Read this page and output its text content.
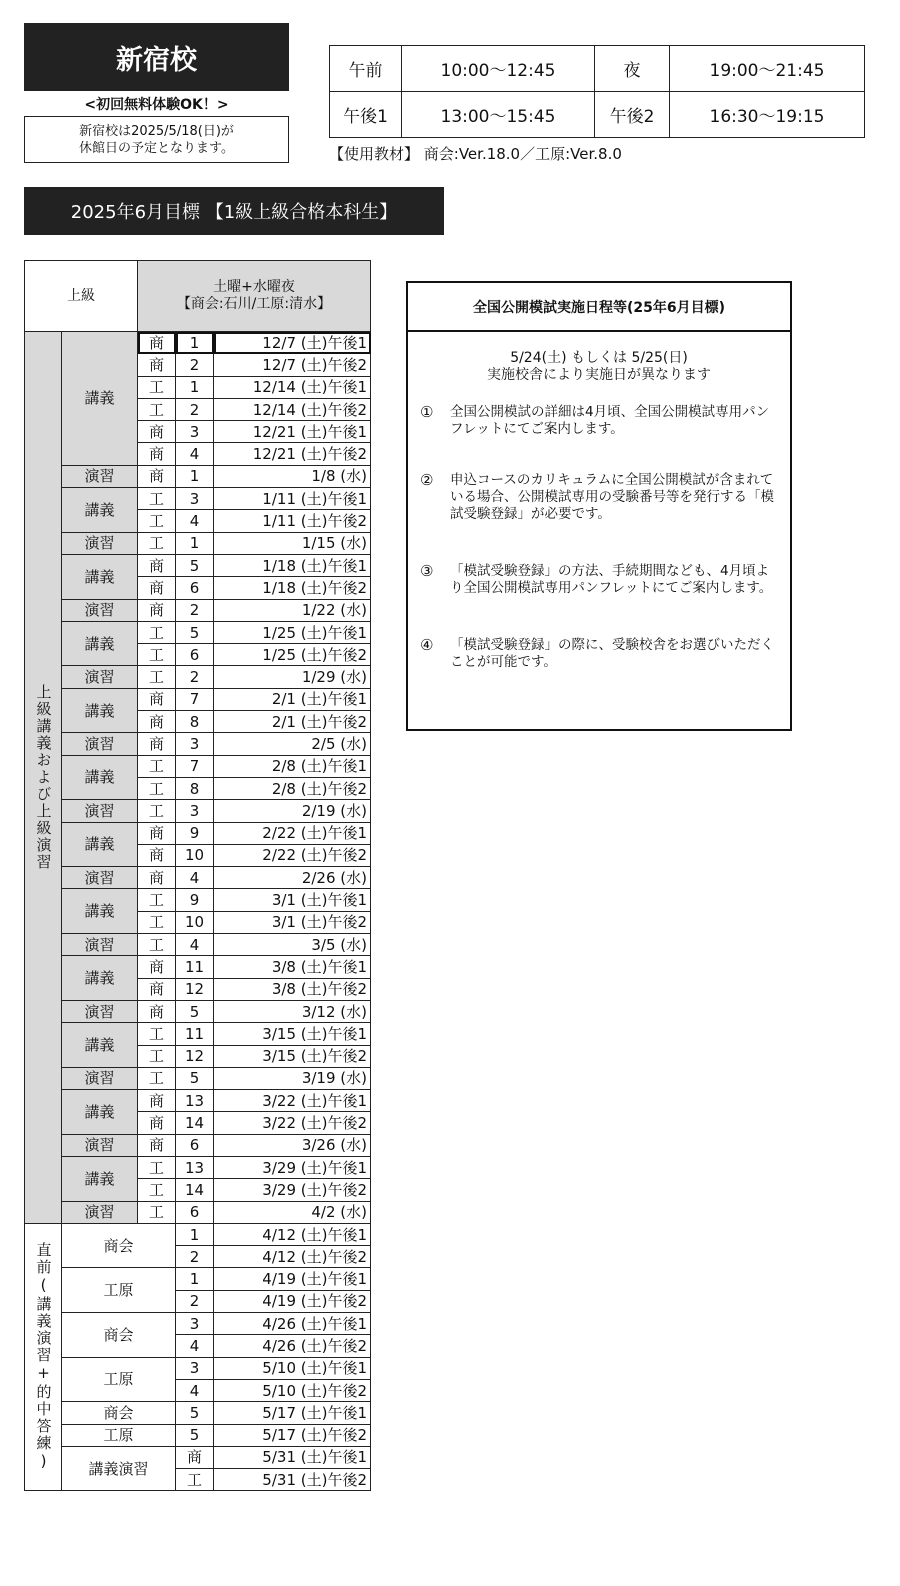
新宿校
<初回無料体験OK！>
新宿校は2025/5/18(日)が
休館日の予定となります。
午前	10:00～12:45	夜	19:00～21:45
午後1	13:00～15:45	午後2	16:30～19:15
【使用教材】 商会:Ver.18.0／工原:Ver.8.0
2025年6月目標 【1級上級合格本科生】
上級		土曜+水曜夜
【商会:石川/工原:清水】		

上級講義および上級演習	講義	商	1	12/7 (土)午後1
		商	2	12/7 (土)午後2
		工	1	12/14 (土)午後1
		工	2	12/14 (土)午後2
		商	3	12/21 (土)午後1
		商	4	12/21 (土)午後2
	演習	商	1	1/8 (水)
	講義	工	3	1/11 (土)午後1
		工	4	1/11 (土)午後2
	演習	工	1	1/15 (水)
	講義	商	5	1/18 (土)午後1
		商	6	1/18 (土)午後2
	演習	商	2	1/22 (水)
	講義	工	5	1/25 (土)午後1
		工	6	1/25 (土)午後2
	演習	工	2	1/29 (水)
	講義	商	7	2/1 (土)午後1
		商	8	2/1 (土)午後2
	演習	商	3	2/5 (水)
	講義	工	7	2/8 (土)午後1
		工	8	2/8 (土)午後2
	演習	工	3	2/19 (水)
	講義	商	9	2/22 (土)午後1
		商	10	2/22 (土)午後2
	演習	商	4	2/26 (水)
	講義	工	9	3/1 (土)午後1
		工	10	3/1 (土)午後2
	演習	工	4	3/5 (水)
	講義	商	11	3/8 (土)午後1
		商	12	3/8 (土)午後2
	演習	商	5	3/12 (水)
	講義	工	11	3/15 (土)午後1
		工	12	3/15 (土)午後2
	演習	工	5	3/19 (水)
	講義	商	13	3/22 (土)午後1
		商	14	3/22 (土)午後2
	演習	商	6	3/26 (水)
	講義	工	13	3/29 (土)午後1
		工	14	3/29 (土)午後2
	演習	工	6	4/2 (水)
直前(講義演習+的中答練)	商会		1	4/12 (土)午後1
			2	4/12 (土)午後2
	工原		1	4/19 (土)午後1
			2	4/19 (土)午後2
	商会		3	4/26 (土)午後1
			4	4/26 (土)午後2
	工原		3	5/10 (土)午後1
			4	5/10 (土)午後2
	商会		5	5/17 (土)午後1
	工原		5	5/17 (土)午後2
	講義演習		商	5/31 (土)午後1
			工	5/31 (土)午後2
全国公開模試実施日程等(25年6月目標)
5/24(土) もしくは 5/25(日)
実施校舎により実施日が異なります
①	全国公開模試の詳細は4月頃、全国公開模試専用パンフレットにてご案内します。
②	申込コースのカリキュラムに全国公開模試が含まれている場合、公開模試専用の受験番号等を発行する「模試受験登録」が必要です。
③	「模試受験登録」の方法、手続期間なども、4月頃より全国公開模試専用パンフレットにてご案内します。
④	「模試受験登録」の際に、受験校舎をお選びいただくことが可能です。
